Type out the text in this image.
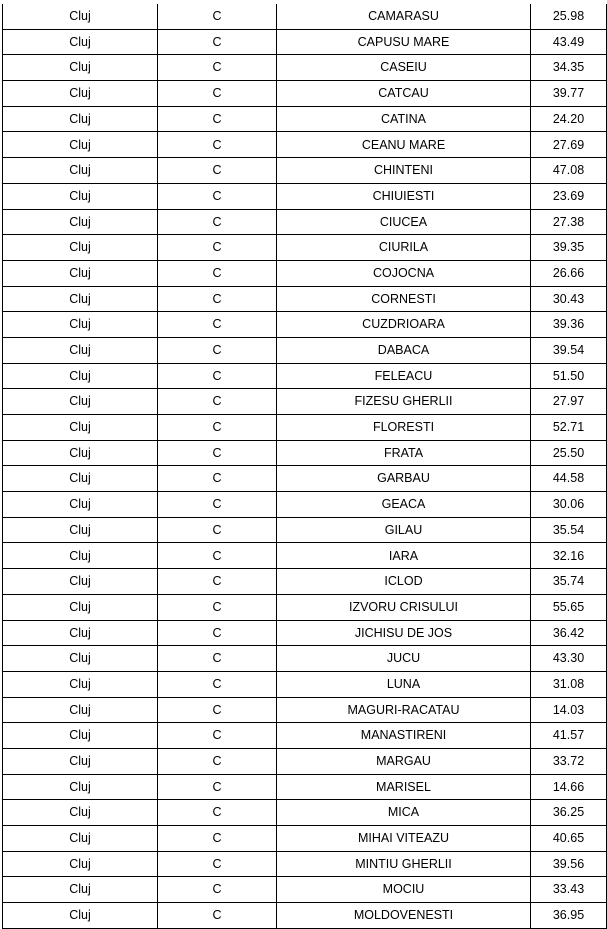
Cluj	C	CAMARASU	25.98
Cluj	C	CAPUSU MARE	43.49
Cluj	C	CASEIU	34.35
Cluj	C	CATCAU	39.77
Cluj	C	CATINA	24.20
Cluj	C	CEANU MARE	27.69
Cluj	C	CHINTENI	47.08
Cluj	C	CHIUIESTI	23.69
Cluj	C	CIUCEA	27.38
Cluj	C	CIURILA	39.35
Cluj	C	COJOCNA	26.66
Cluj	C	CORNESTI	30.43
Cluj	C	CUZDRIOARA	39.36
Cluj	C	DABACA	39.54
Cluj	C	FELEACU	51.50
Cluj	C	FIZESU GHERLII	27.97
Cluj	C	FLORESTI	52.71
Cluj	C	FRATA	25.50
Cluj	C	GARBAU	44.58
Cluj	C	GEACA	30.06
Cluj	C	GILAU	35.54
Cluj	C	IARA	32.16
Cluj	C	ICLOD	35.74
Cluj	C	IZVORU CRISULUI	55.65
Cluj	C	JICHISU DE JOS	36.42
Cluj	C	JUCU	43.30
Cluj	C	LUNA	31.08
Cluj	C	MAGURI-RACATAU	14.03
Cluj	C	MANASTIRENI	41.57
Cluj	C	MARGAU	33.72
Cluj	C	MARISEL	14.66
Cluj	C	MICA	36.25
Cluj	C	MIHAI VITEAZU	40.65
Cluj	C	MINTIU GHERLII	39.56
Cluj	C	MOCIU	33.43
Cluj	C	MOLDOVENESTI	36.95
